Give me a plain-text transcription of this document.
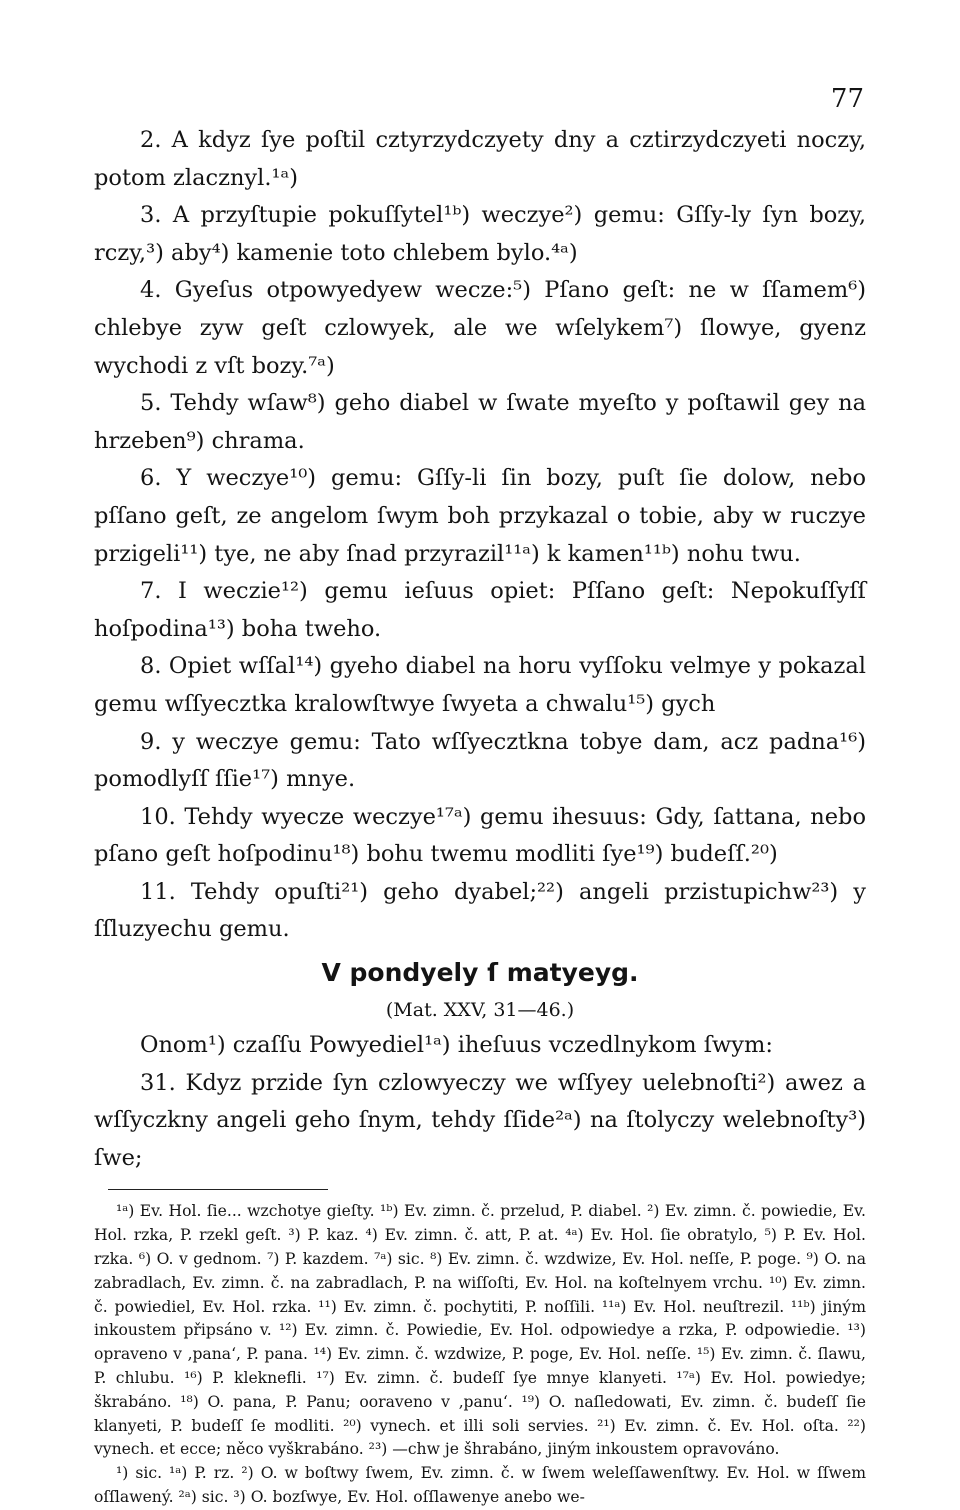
77

2. A kdyz ſye poſtil cztyrzydczyety dny a cztirzydczyeti noczy, potom zlacznyl.¹ᵃ)

3. A przyſtupie pokuſſytel¹ᵇ) weczye²) gemu: Gſſy-ly ſyn bozy, rczy,³) aby⁴) kamenie toto chlebem bylo.⁴ᵃ)

4. Gyeſus otpowyedyew wecze:⁵) Pſano geſt: ne w ſſamem⁶) chlebye zyw geſt czlowyek, ale we wſelykem⁷) ſlowye, gyenz wychodi z vſt bozy.⁷ᵃ)

5. Tehdy wſaw⁸) geho diabel w ſwate myeſto y poſtawil gey na hrzeben⁹) chrama.

6. Y weczye¹⁰) gemu: Gſſy-li ſin bozy, puſt ſie dolow, nebo pſſano geſt, ze angelom ſwym boh przykazal o tobie, aby w ruczye przigeli¹¹) tye, ne aby ſnad przyrazil¹¹ᵃ) k kamen¹¹ᵇ) nohu twu.

7. I weczie¹²) gemu ieſuus opiet: Pſſano geſt: Nepokuſſyſſ hoſpodina¹³) boha tweho.

8. Opiet wſſal¹⁴) gyeho diabel na horu vyſſoku velmye y pokazal gemu wſſyecztka kralowſtwye ſwyeta a chwalu¹⁵) gych

9. y weczye gemu: Tato wſſyecztkna tobye dam, acz padna¹⁶) pomodlyſſ ſſie¹⁷) mnye.

10. Tehdy wyecze weczye¹⁷ᵃ) gemu ihesuus: Gdy, ſattana, nebo pſano geſt hoſpodinu¹⁸) bohu twemu modliti ſye¹⁹) budeſſ.²⁰)

11. Tehdy opuſti²¹) geho dyabel;²²) angeli przistupichw²³) y ſſluzyechu gemu.

V pondyely ſ matyeyg.

(Mat. XXV, 31—46.)

Onom¹) czaſſu Powyediel¹ᵃ) iheſuus vczedlnykom ſwym:

31. Kdyz przide ſyn czlowyeczy we wſſyey uelebnoſti²) awez a wſſyczkny angeli geho ſnym, tehdy ſſide²ᵃ) na ſtolyczy welebnoſty³) ſwe;

¹ᵃ) Ev. Hol. ſie... wzchotye gieſty. ¹ᵇ) Ev. zimn. č. przelud, P. diabel. ²) Ev. zimn. č. powiedie, Ev. Hol. rzka, P. rzekl geſt. ³) P. kaz. ⁴) Ev. zimn. č. att, P. at. ⁴ᵃ) Ev. Hol. ſie obratylo, ⁵) P. Ev. Hol. rzka. ⁶) O. v gednom. ⁷) P. kazdem. ⁷ᵃ) sic. ⁸) Ev. zimn. č. wzdwize, Ev. Hol. neſſe, P. poge. ⁹) O. na zabradlach, Ev. zimn. č. na zabradlach, P. na wiſſoſti, Ev. Hol. na koſtelnyem vrchu. ¹⁰) Ev. zimn. č. powiediel, Ev. Hol. rzka. ¹¹) Ev. zimn. č. pochytiti, P. noſſili. ¹¹ᵃ) Ev. Hol. neuſtrezil. ¹¹ᵇ) jiným inkoustem připsáno v. ¹²) Ev. zimn. č. Powiedie, Ev. Hol. odpowiedye a rzka, P. odpowiedie. ¹³) opraveno v ‚pana‘, P. pana. ¹⁴) Ev. zimn. č. wzdwize, P. poge, Ev. Hol. neſſe. ¹⁵) Ev. zimn. č. ſlawu, P. chlubu. ¹⁶) P. kleknefli. ¹⁷) Ev. zimn. č. budeſſ ſye mnye klanyeti. ¹⁷ᵃ) Ev. Hol. powiedye; škrabáno. ¹⁸) O. pana, P. Panu; ooraveno v ‚panu‘. ¹⁹) O. naſledowati, Ev. zimn. č. budeſſ ſie klanyeti, P. budeſſ ſe modliti. ²⁰) vynech. et illi soli servies. ²¹) Ev. zimn. č. Ev. Hol. oſta. ²²) vynech. et ecce; něco vyškrabáno. ²³) —chw je šhrabáno, jiným inkoustem opravováno.

¹) sic. ¹ᵃ) P. rz. ²) O. w boſtwy ſwem, Ev. zimn. č. w ſwem weleſſawenſtwy. Ev. Hol. w ſſwem oſſlawený. ²ᵃ) sic. ³) O. bozſwye, Ev. Hol. oſſlawenye anebo we-
